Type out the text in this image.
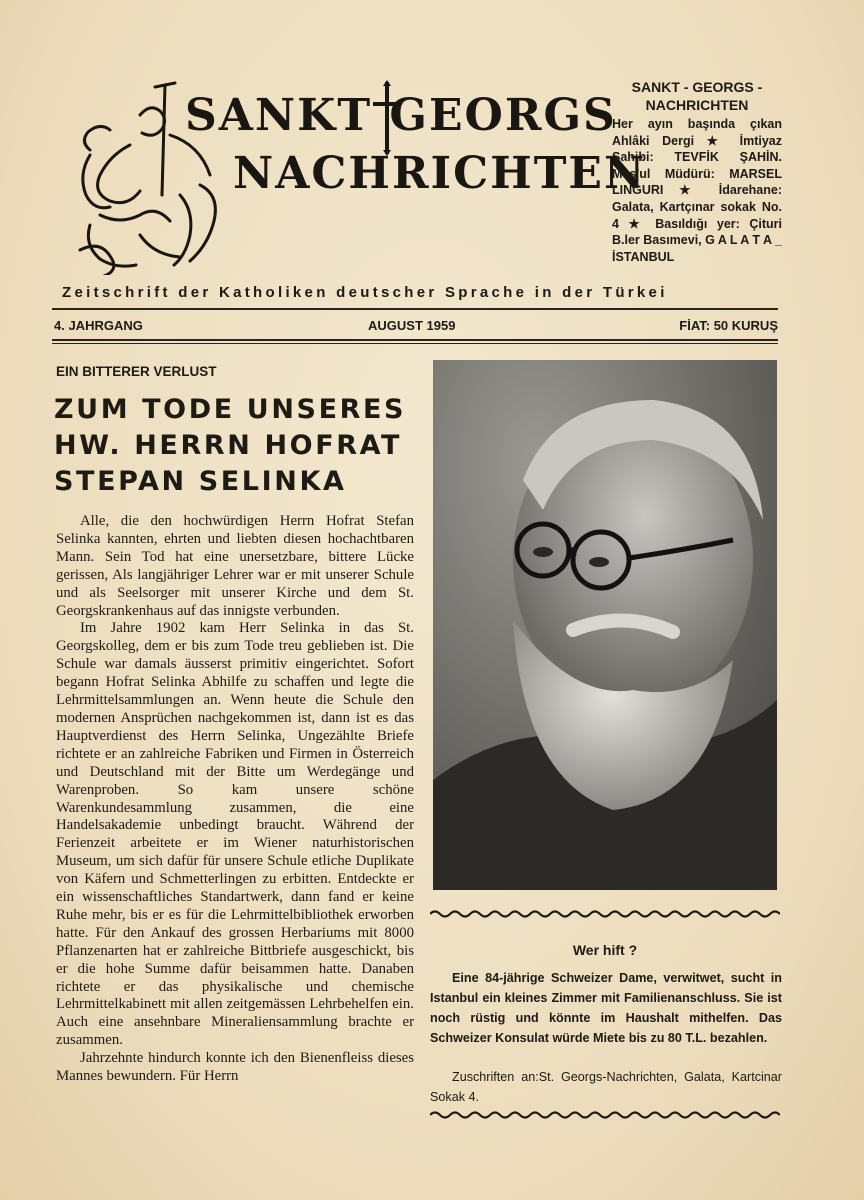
SANKT GEORGS
NACHRICHTEN
SANKT - GEORGS - NACHRICHTEN
Her ayın başında çıkan Ahlâki Dergi ★ İmtiyaz Sahibi: TEVFİK ŞAHİN. Mes'ul Müdürü: MARSEL LINGURI ★ İdarehane: Galata, Kartçınar sokak No. 4 ★ Basıldığı yer: Çituri B.ler Basımevi, G A L A T A _ İSTANBUL
Zeitschrift der Katholiken deutscher Sprache in der Türkei
4. JAHRGANG	AUGUST 1959	FİAT: 50 KURUŞ
EIN BITTERER VERLUST
ZUM TODE UNSERES
HW. HERRN HOFRAT
STEPAN SELINKA

Alle, die den hochwürdigen Herrn Hofrat Stefan Selinka kannten, ehrten und liebten diesen hochachtbaren Mann. Sein Tod hat eine unersetzbare, bittere Lücke gerissen, Als langjähriger Lehrer war er mit unserer Schule und als Seelsorger mit unserer Kirche und dem St. Georgskrankenhaus auf das innigste verbunden.

Im Jahre 1902 kam Herr Selinka in das St. Georgskolleg, dem er bis zum Tode treu geblieben ist. Die Schule war damals äusserst primitiv eingerichtet. Sofort begann Hofrat Selinka Abhilfe zu schaffen und legte die Lehrmittelsammlungen an. Wenn heute die Schule den modernen Ansprüchen nachgekommen ist, dann ist es das Hauptverdienst des Herrn Selinka, Ungezählte Briefe richtete er an zahlreiche Fabriken und Firmen in Österreich und Deutschland mit der Bitte um Werdegänge und Warenproben. So kam unsere schöne Warenkundesammlung zusammen, die eine Handelsakademie unbedingt braucht. Während der Ferienzeit arbeitete er im Wiener naturhistorischen Museum, um sich dafür für unsere Schule etliche Duplikate von Käfern und Schmetterlingen zu erbitten. Entdeckte er ein wissenschaftliches Standartwerk, dann fand er keine Ruhe mehr, bis er es für die Lehrmittelbibliothek erworben hatte. Für den Ankauf des grossen Herbariums mit 8000 Pflanzenarten hat er zahlreiche Bittbriefe ausgeschickt, bis er die hohe Summe dafür beisammen hatte. Danaben richtete er das physikalische und chemische Lehrmittelkabinett mit allen zeitgemässen Lehrbehelfen ein. Auch eine ansehnbare Mineraliensammlung brachte er zusammen.

Jahrzehnte hindurch konnte ich den Bienenfleiss dieses Mannes bewundern. Für Herrn

Wer hift ?

Eine 84-jährige Schweizer Dame, verwitwet, sucht in Istanbul ein kleines Zimmer mit Familienanschluss. Sie ist noch rüstig und könnte im Haushalt mithelfen. Das Schweizer Konsulat würde Miete bis zu 80 T.L. bezahlen.

Zuschriften an:St. Georgs-Nachrichten, Galata, Kartcinar Sokak 4.
